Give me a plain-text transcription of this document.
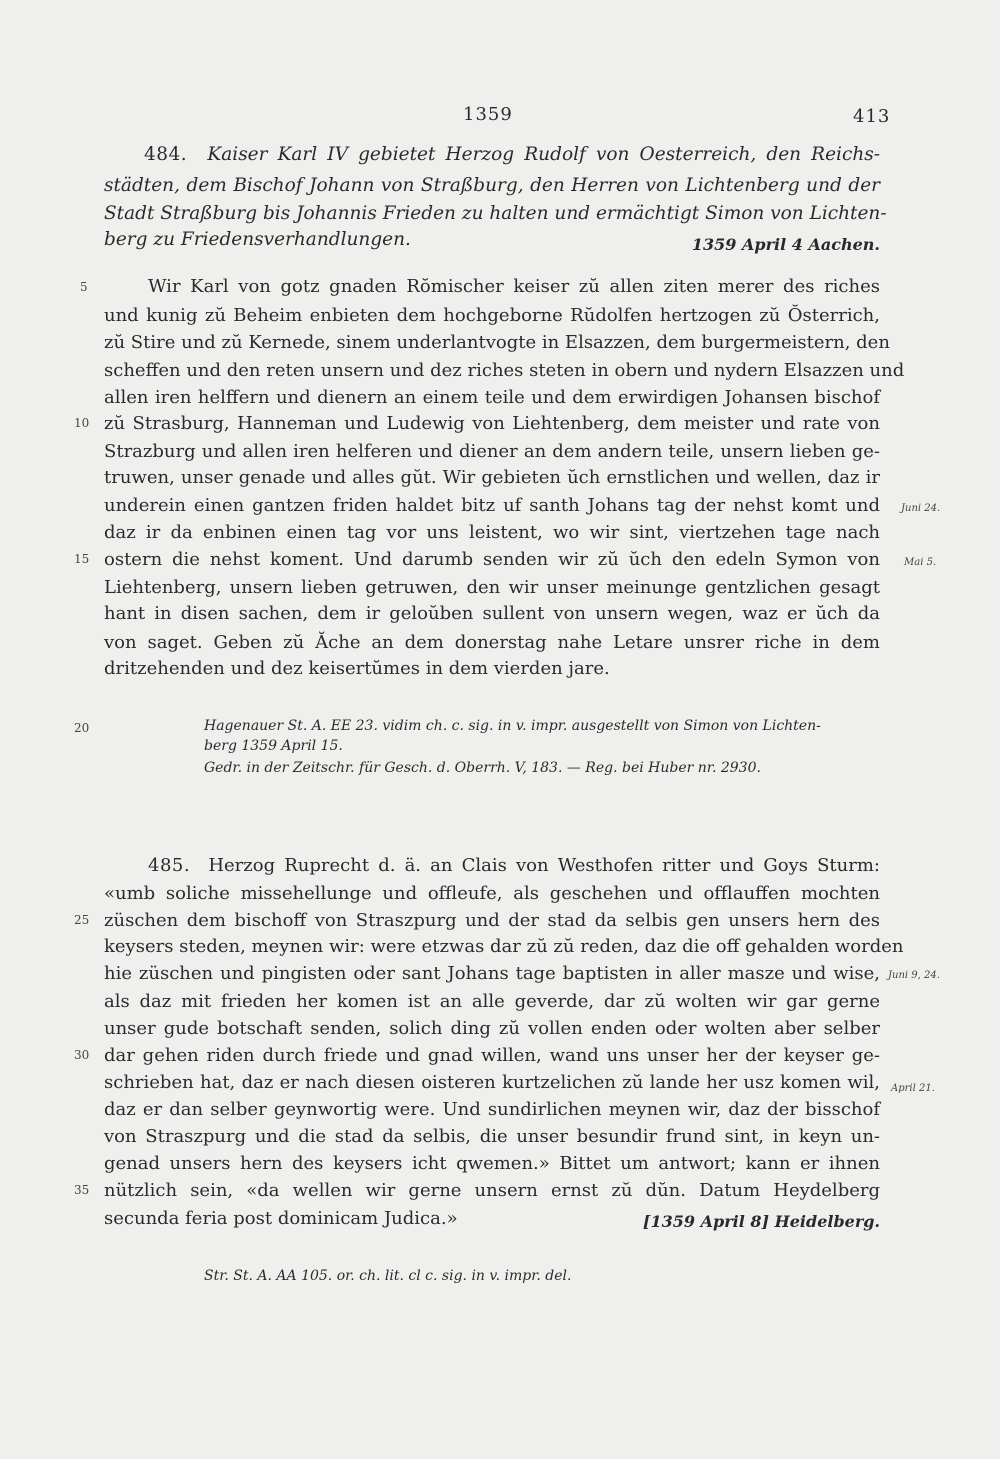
1359	413
484. Kaiser Karl IV gebietet Herzog Rudolf von Oesterreich, den Reichs-
städten, dem Bischof Johann von Straßburg, den Herren von Lichtenberg und der
Stadt Straßburg bis Johannis Frieden zu halten und ermächtigt Simon von Lichten-
berg zu Friedensverhandlungen.	1359 April 4 Aachen.
Wir Karl von gotz gnaden Rŏmischer keiser zŭ allen ziten merer des riches
und kunig zŭ Beheim enbieten dem hochgeborne Rŭdolfen hertzogen zŭ Ŏsterrich,
zŭ Stire und zŭ Kernede, sinem underlantvogte in Elsazzen, dem burgermeistern, den
scheffen und den reten unsern und dez riches steten in obern und nydern Elsazzen und
allen iren helffern und dienern an einem teile und dem erwirdigen Johansen bischof
zŭ Strasburg, Hanneman und Ludewig von Liehtenberg, dem meister und rate von
Strazburg und allen iren helferen und diener an dem andern teile, unsern lieben ge-
truwen, unser genade und alles gŭt. Wir gebieten ŭch ernstlichen und wellen, daz ir
underein einen gantzen friden haldet bitz uf santh Johans tag der nehst komt und
daz ir da enbinen einen tag vor uns leistent, wo wir sint, viertzehen tage nach
ostern die nehst koment. Und darumb senden wir zŭ ŭch den edeln Symon von
Liehtenberg, unsern lieben getruwen, den wir unser meinunge gentzlichen gesagt
hant in disen sachen, dem ir geloŭben sullent von unsern wegen, waz er ŭch da
von saget. Geben zŭ Ăche an dem donerstag nahe Letare unsrer riche in dem
dritzehenden und dez keisertŭmes in dem vierden jare.
Hagenauer St. A. EE 23. vidim ch. c. sig. in v. impr. ausgestellt von Simon von Lichten-
berg 1359 April 15.
Gedr. in der Zeitschr. für Gesch. d. Oberrh. V, 183. — Reg. bei Huber nr. 2930.
485. Herzog Ruprecht d. ä. an Clais von Westhofen ritter und Goys Sturm:
«umb soliche missehellunge und offleufe, als geschehen und offlauffen mochten
züschen dem bischoff von Straszpurg und der stad da selbis gen unsers hern des
keysers steden, meynen wir: were etzwas dar zŭ zŭ reden, daz die off gehalden worden
hie züschen und pingisten oder sant Johans tage baptisten in aller masze und wise,
als daz mit frieden her komen ist an alle geverde, dar zŭ wolten wir gar gerne
unser gude botschaft senden, solich ding zŭ vollen enden oder wolten aber selber
dar gehen riden durch friede und gnad willen, wand uns unser her der keyser ge-
schrieben hat, daz er nach diesen oisteren kurtzelichen zŭ lande her usz komen wil,
daz er dan selber geynwortig were. Und sundirlichen meynen wir, daz der bisschof
von Straszpurg und die stad da selbis, die unser besundir frund sint, in keyn un-
genad unsers hern des keysers icht qwemen.» Bittet um antwort; kann er ihnen
nützlich sein, «da wellen wir gerne unsern ernst zŭ dŭn. Datum Heydelberg
secunda feria post dominicam Judica.»	[1359 April 8] Heidelberg.
Str. St. A. AA 105. or. ch. lit. cl c. sig. in v. impr. del.
5
10
15
20
25
30
35
Juni 24.
Mai 5.
Juni 9, 24.
April 21.
